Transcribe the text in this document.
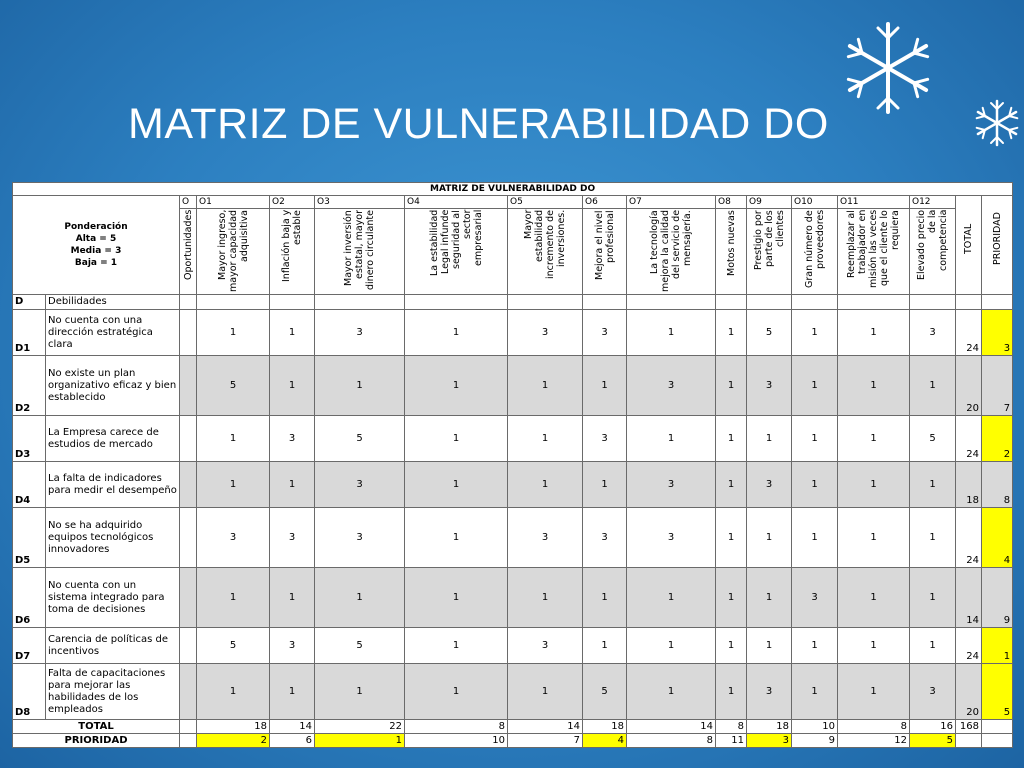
MATRIZ DE VULNERABILIDAD DO
MATRIZ DE VULNERABILIDAD DO																

Ponderación
Alta = 5
Media = 3
Baja = 1		O	O1	O2	O3	O4	O5	O6	O7	O8	O9	O10	O11	O12	TOTAL	PRIORIDAD

		Oportunidades	Mayor ingreso, mayor capacidad adquisitiva	Inflación baja y estable	Mayor inversión estatal, mayor dinero circulante	La estabilidad Legal infunde seguridad al sector empresarial	Mayor estabilidad incremento de inversiones.	Mejora el nivel profesional	La tecnología mejora la calidad del servicio de mensajería.	Motos nuevas	Prestigio por parte de los clientes	Gran número de proveedores	Reemplazar al trabajador en misión las veces que el cliente lo requiera	Elevado precio de la competencia		

D	Debilidades															
D1	No cuenta con una dirección estratégica clara		1	1	3	1	3	3	1	1	5	1	1	3	24	3
D2	No existe un plan organizativo eficaz y bien establecido		5	1	1	1	1	1	3	1	3	1	1	1	20	7
D3	La Empresa carece de estudios de mercado		1	3	5	1	1	3	1	1	1	1	1	5	24	2
D4	La falta de indicadores para medir el desempeño		1	1	3	1	1	1	3	1	3	1	1	1	18	8
D5	No se ha adquirido equipos tecnológicos innovadores		3	3	3	1	3	3	3	1	1	1	1	1	24	4
D6	No cuenta con un sistema integrado para toma de decisiones		1	1	1	1	1	1	1	1	1	3	1	1	14	9
D7	Carencia de políticas de incentivos		5	3	5	1	3	1	1	1	1	1	1	1	24	1
D8	Falta de capacitaciones para mejorar las habilidades de los empleados		1	1	1	1	1	5	1	1	3	1	1	3	20	5
TOTAL			18	14	22	8	14	18	14	8	18	10	8	16	168	
PRIORIDAD			2	6	1	10	7	4	8	11	3	9	12	5		
